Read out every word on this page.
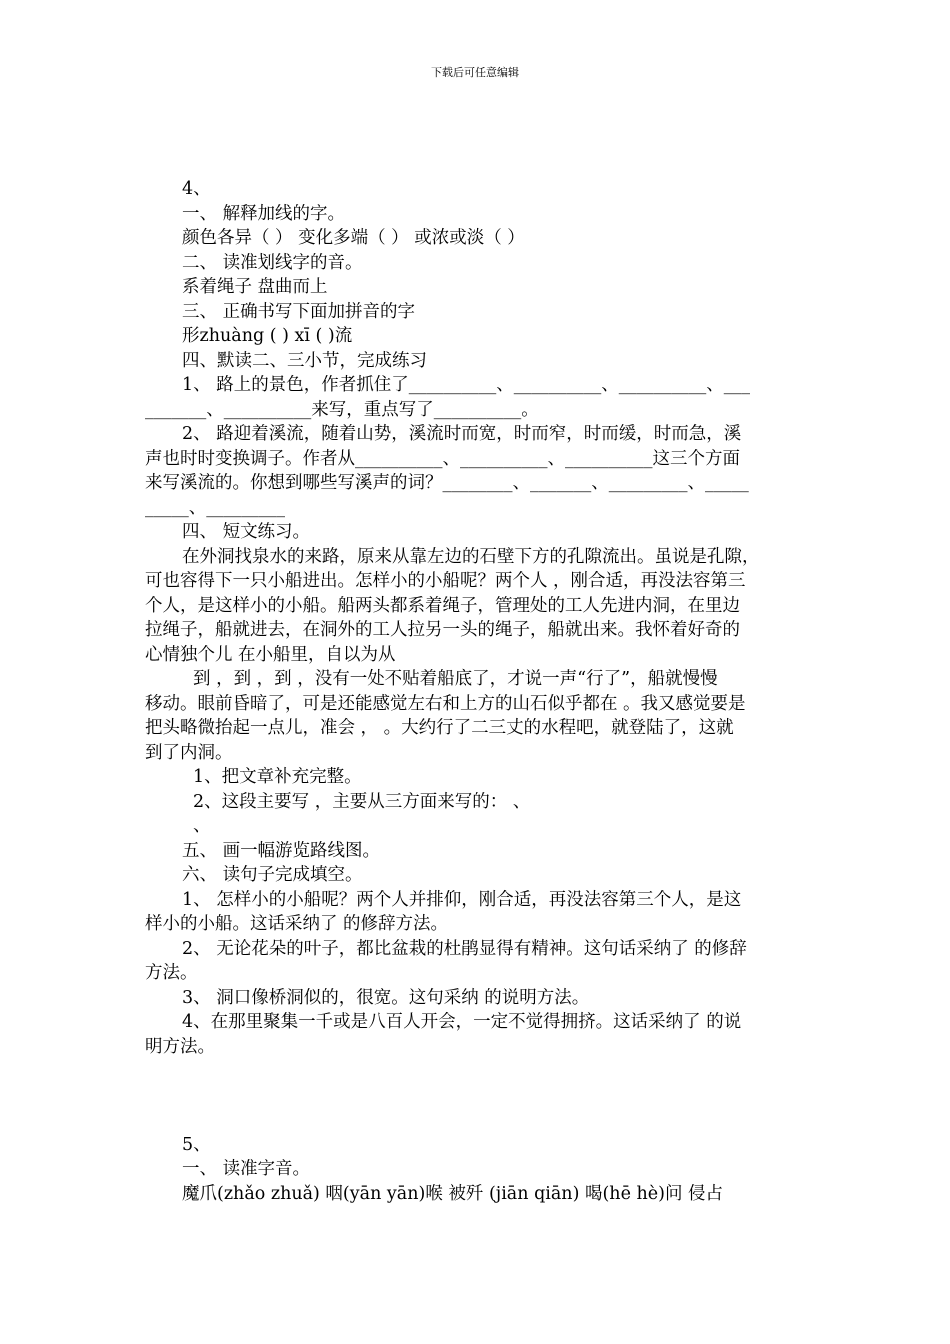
下载后可任意编辑
4、
一、 解释加线的字。
颜色各异（ ） 变化多端（ ） 或浓或淡（ ）
二、 读准划线字的音。
系着绳子 盘曲而上
三、 正确书写下面加拼音的字
形zhuàng ( ) xī ( )流
四、默读二、三小节，完成练习
1、 路上的景色，作者抓住了__________、__________、__________、___
_______、__________来写，重点写了__________。
2、 路迎着溪流，随着山势，溪流时而宽，时而窄，时而缓，时而急，溪
声也时时变换调子。作者从__________、__________、__________这三个方面
来写溪流的。你想到哪些写溪声的词？________、_______、_________、_____
_____、_________
四、 短文练习。
在外洞找泉水的来路，原来从靠左边的石壁下方的孔隙流出。虽说是孔隙，
可也容得下一只小船进出。怎样小的小船呢？两个人 ，刚合适，再没法容第三
个人，是这样小的小船。船两头都系着绳子，管理处的工人先进内洞，在里边
拉绳子，船就进去，在洞外的工人拉另一头的绳子，船就出来。我怀着好奇的
心情独个儿 在小船里，自以为从
到 ，到 ，到 ，没有一处不贴着船底了，才说一声“行了”，船就慢慢
移动。眼前昏暗了，可是还能感觉左右和上方的山石似乎都在 。我又感觉要是
把头略微抬起一点儿，准会 ， 。大约行了二三丈的水程吧，就登陆了，这就
到了内洞。
1、把文章补充完整。
2、这段主要写 ，主要从三方面来写的： 、
、
五、 画一幅游览路线图。
六、 读句子完成填空。
1、 怎样小的小船呢？两个人并排仰，刚合适，再没法容第三个人，是这
样小的小船。这话采纳了 的修辞方法。
2、 无论花朵的叶子，都比盆栽的杜鹃显得有精神。这句话采纳了 的修辞
方法。
3、 洞口像桥洞似的，很宽。这句采纳 的说明方法。
4、在那里聚集一千或是八百人开会，一定不觉得拥挤。这话采纳了 的说
明方法。
5、
一、 读准字音。
魔爪(zhǎo zhuǎ) 咽(yān yān)喉 被歼 (jiān qiān) 喝(hē hè)问 侵占
